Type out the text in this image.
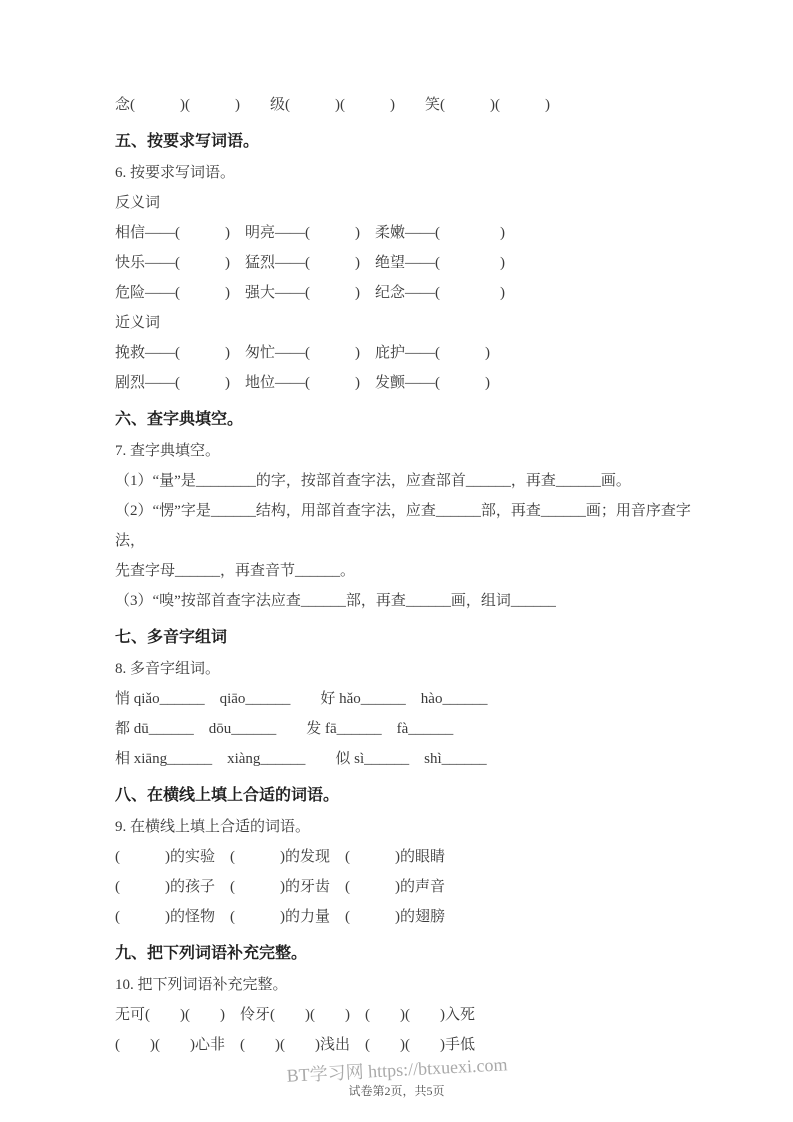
念(　　　)(　　　)　　级(　　　)(　　　)　　笑(　　　)(　　　)
五、按要求写词语。
6. 按要求写词语。
反义词
相信——(　　　)　明亮——(　　　)　柔嫩——(　　　　)
快乐——(　　　)　猛烈——(　　　)　绝望——(　　　　)
危险——(　　　)　强大——(　　　)　纪念——(　　　　)
近义词
挽救——(　　　)　匆忙——(　　　)　庇护——(　　　)
剧烈——(　　　)　地位——(　　　)　发颤——(　　　)
六、查字典填空。
7. 查字典填空。
（1）“量”是________的字，按部首查字法，应查部首______，再查______画。
（2）“愣”字是______结构，用部首查字法，应查______部，再查______画；用音序查字法，
先查字母______，再查音节______。
（3）“嗅”按部首查字法应查______部，再查______画，组词______
七、多音字组词
8. 多音字组词。
悄 qiǎo______　qiāo______　　好 hǎo______　hào______
都 dū______　dōu______　　发 fā______　fà______
相 xiāng______　xiàng______　　似 sì______　shì______
八、在横线上填上合适的词语。
9. 在横线上填上合适的词语。
(　　　)的实验　(　　　)的发现　(　　　)的眼睛
(　　　)的孩子　(　　　)的牙齿　(　　　)的声音
(　　　)的怪物　(　　　)的力量　(　　　)的翅膀
九、把下列词语补充完整。
10. 把下列词语补充完整。
无可(　　)(　　)　伶牙(　　)(　　)　(　　)(　　)入死
(　　)(　　)心非　(　　)(　　)浅出　(　　)(　　)手低
BT学习网 https://btxuexi.com
试卷第2页，共5页
